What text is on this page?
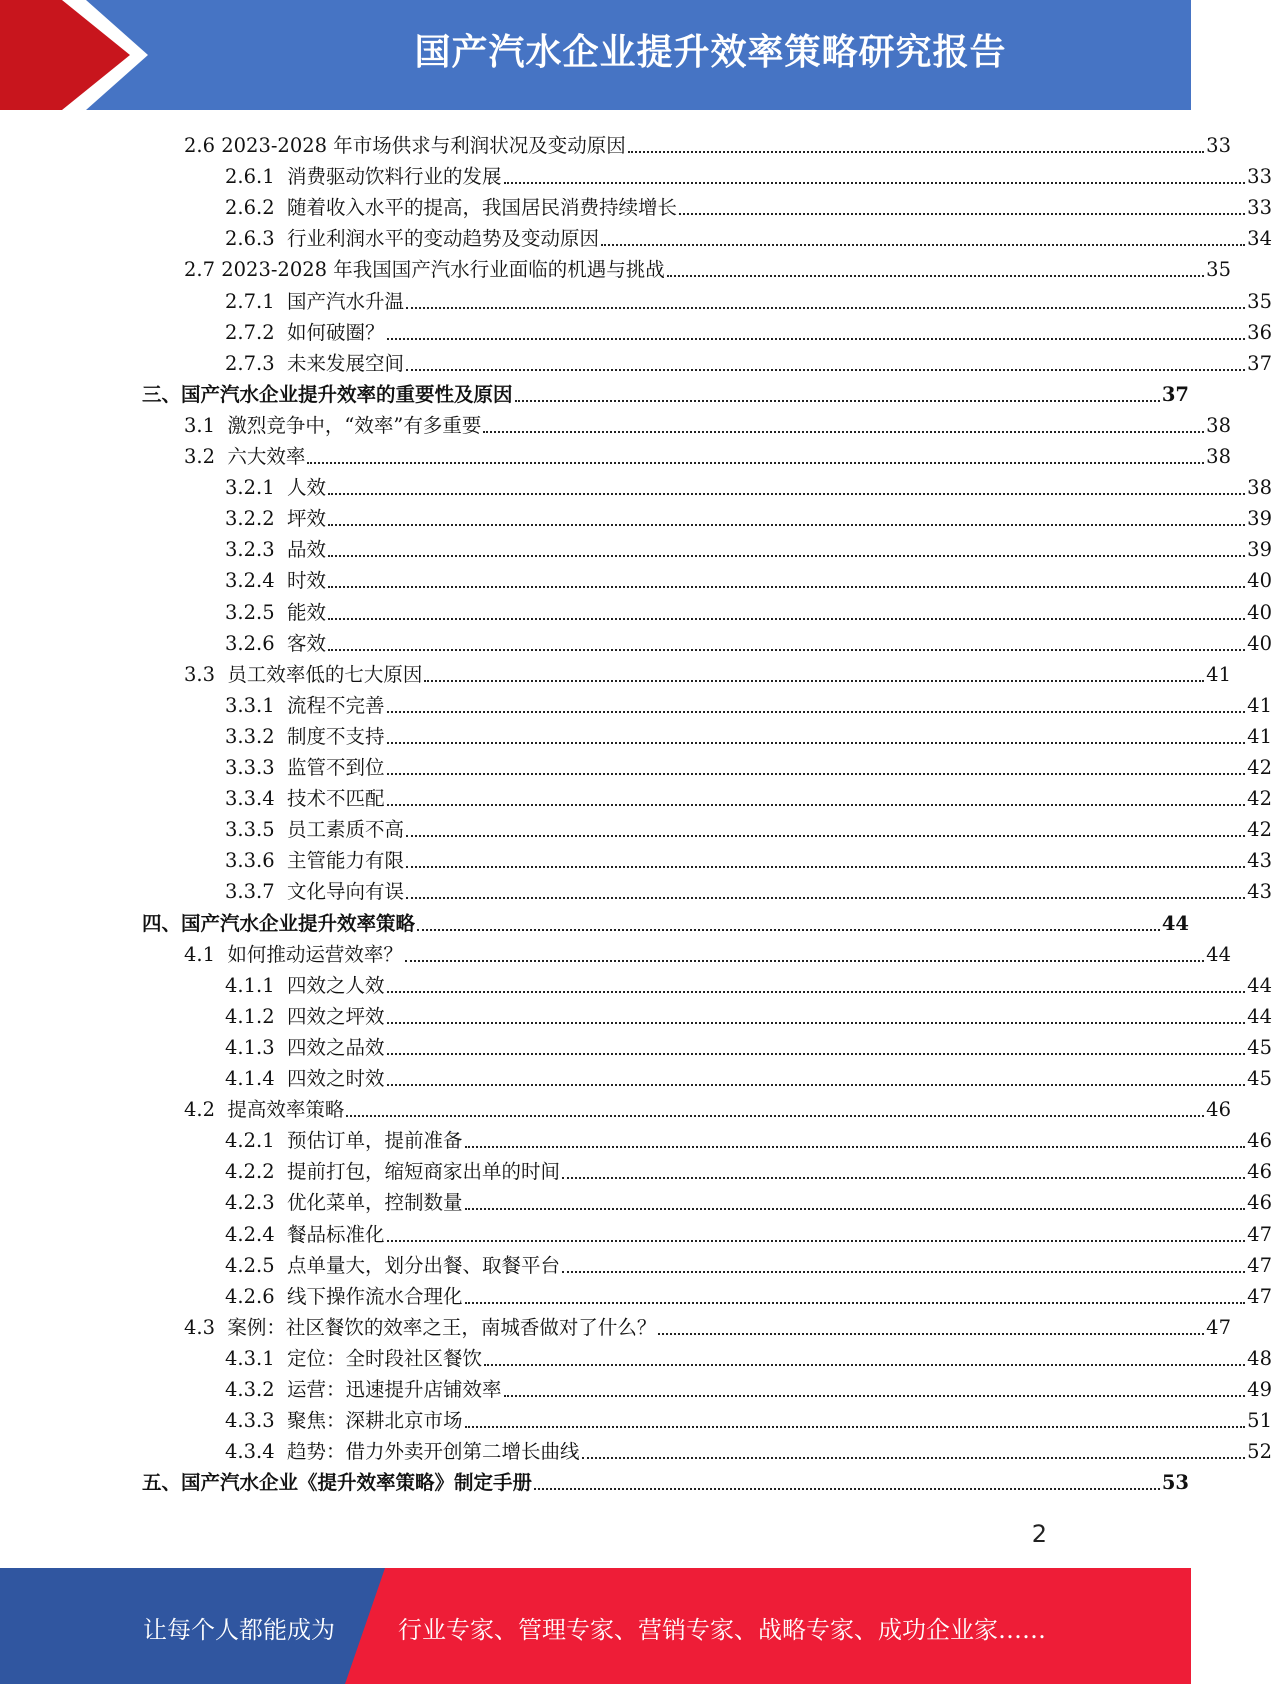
国产汽水企业提升效率策略研究报告
2.6 2023-2028 年市场供求与利润状况及变动原因	33
2.6.1 消费驱动饮料行业的发展	33
2.6.2 随着收入水平的提高，我国居民消费持续增长	33
2.6.3 行业利润水平的变动趋势及变动原因	34
2.7 2023-2028 年我国国产汽水行业面临的机遇与挑战	35
2.7.1 国产汽水升温	35
2.7.2 如何破圈？	36
2.7.3 未来发展空间	37
三、 国产汽水企业提升效率的重要性及原因	37
3.1 激烈竞争中，“效率”有多重要	38
3.2 六大效率	38
3.2.1 人效	38
3.2.2 坪效	39
3.2.3 品效	39
3.2.4 时效	40
3.2.5 能效	40
3.2.6 客效	40
3.3 员工效率低的七大原因	41
3.3.1 流程不完善	41
3.3.2 制度不支持	41
3.3.3 监管不到位	42
3.3.4 技术不匹配	42
3.3.5 员工素质不高	42
3.3.6 主管能力有限	43
3.3.7 文化导向有误	43
四、 国产汽水企业提升效率策略	44
4.1 如何推动运营效率？	44
4.1.1 四效之人效	44
4.1.2 四效之坪效	44
4.1.3 四效之品效	45
4.1.4 四效之时效	45
4.2 提高效率策略	46
4.2.1 预估订单，提前准备	46
4.2.2 提前打包，缩短商家出单的时间	46
4.2.3 优化菜单，控制数量	46
4.2.4 餐品标准化	47
4.2.5 点单量大，划分出餐、取餐平台	47
4.2.6 线下操作流水合理化	47
4.3 案例：社区餐饮的效率之王，南城香做对了什么？	47
4.3.1 定位：全时段社区餐饮	48
4.3.2 运营：迅速提升店铺效率	49
4.3.3 聚焦：深耕北京市场	51
4.3.4 趋势：借力外卖开创第二增长曲线	52
五、 国产汽水企业《提升效率策略》制定手册	53
2
让每个人都能成为	行业专家、管理专家、营销专家、战略专家、成功企业家……
